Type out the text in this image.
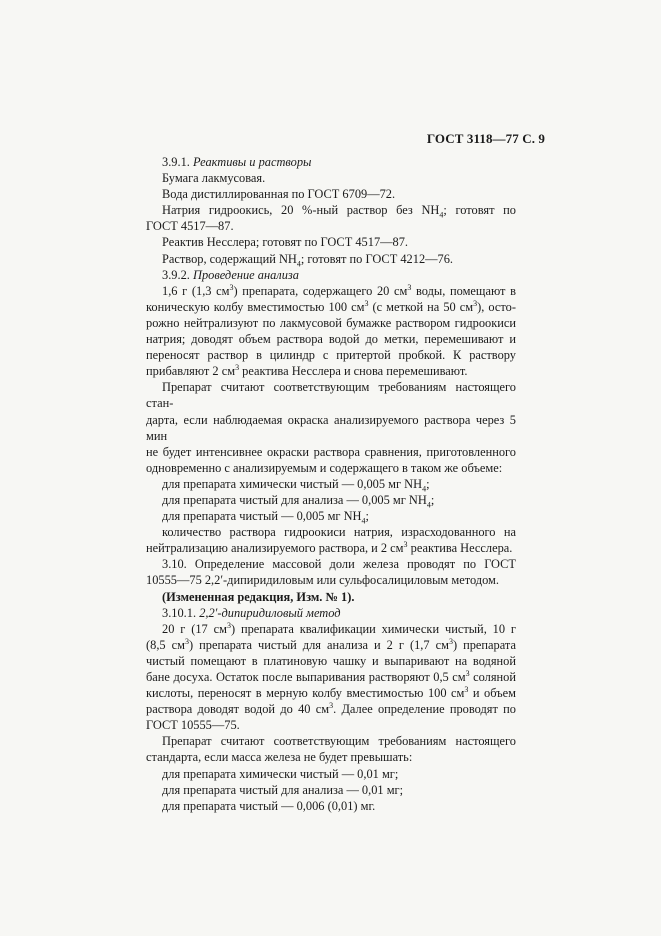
ГОСТ 3118—77 С. 9

3.9.1. Реактивы и растворы

Бумага лакмусовая.

Вода дистиллированная по ГОСТ 6709—72.

Натрия гидроокись, 20 %-ный раствор без $NH_4$; готовят по
ГОСТ 4517—87.

Реактив Несслера; готовят по ГОСТ 4517—87.

Раствор, содержащий $NH_4$; готовят по ГОСТ 4212—76.

3.9.2. Проведение анализа

1,6 г (1,3 $см^3$) препарата, содержащего 20 $см^3$ воды, помещают в
коническую колбу вместимостью 100 $см^3$ (с меткой на 50 $см^3$), осто-
рожно нейтрализуют по лакмусовой бумажке раствором гидроокиси
натрия; доводят объем раствора водой до метки, перемешивают и
переносят раствор в цилиндр с притертой пробкой. К раствору
прибавляют 2 $см^3$ реактива Несслера и снова перемешивают.

Препарат считают соответствующим требованиям настоящего стан-
дарта, если наблюдаемая окраска анализируемого раствора через 5 мин
не будет интенсивнее окраски раствора сравнения, приготовленного
одновременно с анализируемым и содержащего в таком же объеме:

для препарата химически чистый — 0,005 мг $NH_4$;

для препарата чистый для анализа — 0,005 мг $NH_4$;

для препарата чистый — 0,005 мг $NH_4$;

количество раствора гидроокиси натрия, израсходованного на
нейтрализацию анализируемого раствора, и 2 $см^3$ реактива Несслера.

3.10. Определение массовой доли железа проводят по ГОСТ
10555—75 2,2′-дипиридиловым или сульфосалициловым методом.

(Измененная редакция, Изм. № 1).

3.10.1. 2,2′-дипиридиловый метод

20 г (17 $см^3$) препарата квалификации химически чистый, 10 г
(8,5 $см^3$) препарата чистый для анализа и 2 г (1,7 $см^3$) препарата
чистый помещают в платиновую чашку и выпаривают на водяной
бане досуха. Остаток после выпаривания растворяют 0,5 $см^3$ соляной
кислоты, переносят в мерную колбу вместимостью 100 $см^3$ и объем
раствора доводят водой до 40 $см^3$. Далее определение проводят по
ГОСТ 10555—75.

Препарат считают соответствующим требованиям настоящего
стандарта, если масса железа не будет превышать:

для препарата химически чистый — 0,01 мг;

для препарата чистый для анализа — 0,01 мг;

для препарата чистый — 0,006 (0,01) мг.
